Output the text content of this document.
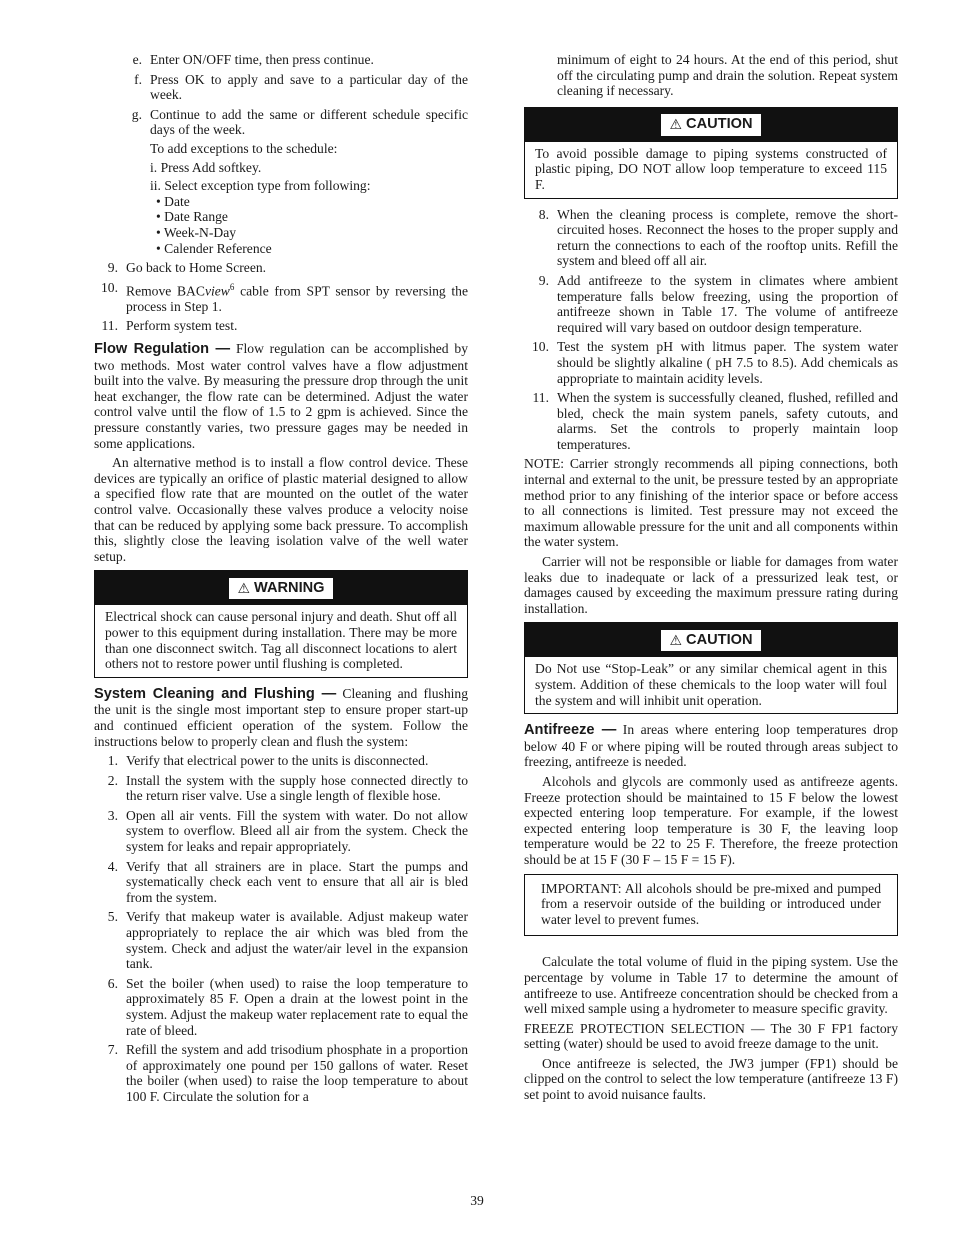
e. Enter ON/OFF time, then press continue.
f. Press OK to apply and save to a particular day of the week.
g. Continue to add the same or different schedule specific days of the week.
To add exceptions to the schedule:
i. Press Add softkey.
ii. Select exception type from following:
• Date
• Date Range
• Week-N-Day
• Calender Reference
9. Go back to Home Screen.
10. Remove BACview$^6$ cable from SPT sensor by reversing the process in Step 1.
11. Perform system test.

Flow Regulation — Flow regulation can be accomplished by two methods. Most water control valves have a flow adjustment built into the valve. By measuring the pressure drop through the unit heat exchanger, the flow rate can be determined. Adjust the water control valve until the flow of 1.5 to 2 gpm is achieved. Since the pressure constantly varies, two pressure gages may be needed in some applications.

An alternative method is to install a flow control device. These devices are typically an orifice of plastic material designed to allow a specified flow rate that are mounted on the outlet of the water control valve. Occasionally these valves produce a velocity noise that can be reduced by applying some back pressure. To accomplish this, slightly close the leaving isolation valve of the well water setup.

⚠ WARNING
Electrical shock can cause personal injury and death. Shut off all power to this equipment during installation. There may be more than one disconnect switch. Tag all disconnect locations to alert others not to restore power until flushing is completed.

System Cleaning and Flushing — Cleaning and flushing the unit is the single most important step to ensure proper start-up and continued efficient operation of the system. Follow the instructions below to properly clean and flush the system:

1. Verify that electrical power to the units is disconnected.
2. Install the system with the supply hose connected directly to the return riser valve. Use a single length of flexible hose.
3. Open all air vents. Fill the system with water. Do not allow system to overflow. Bleed all air from the system. Check the system for leaks and repair appropriately.
4. Verify that all strainers are in place. Start the pumps and systematically check each vent to ensure that all air is bled from the system.
5. Verify that makeup water is available. Adjust makeup water appropriately to replace the air which was bled from the system. Check and adjust the water/air level in the expansion tank.
6. Set the boiler (when used) to raise the loop temperature to approximately 85 F. Open a drain at the lowest point in the system. Adjust the makeup water replacement rate to equal the rate of bleed.
7. Refill the system and add trisodium phosphate in a proportion of approximately one pound per 150 gallons of water. Reset the boiler (when used) to raise the loop temperature to about 100 F. Circulate the solution for a

minimum of eight to 24 hours. At the end of this period, shut off the circulating pump and drain the solution. Repeat system cleaning if necessary.

⚠ CAUTION
To avoid possible damage to piping systems constructed of plastic piping, DO NOT allow loop temperature to exceed 115 F.
8. When the cleaning process is complete, remove the short-circuited hoses. Reconnect the hoses to the proper supply and return the connections to each of the rooftop units. Refill the system and bleed off all air.
9. Add antifreeze to the system in climates where ambient temperature falls below freezing, using the proportion of antifreeze shown in Table 17. The volume of antifreeze required will vary based on outdoor design temperature.
10. Test the system pH with litmus paper. The system water should be slightly alkaline ( pH 7.5 to 8.5). Add chemicals as appropriate to maintain acidity levels.
11. When the system is successfully cleaned, flushed, refilled and bled, check the main system panels, safety cutouts, and alarms. Set the controls to properly maintain loop temperatures.

NOTE: Carrier strongly recommends all piping connections, both internal and external to the unit, be pressure tested by an appropriate method prior to any finishing of the interior space or before access to all connections is limited. Test pressure may not exceed the maximum allowable pressure for the unit and all components within the water system.

Carrier will not be responsible or liable for damages from water leaks due to inadequate or lack of a pressurized leak test, or damages caused by exceeding the maximum pressure rating during installation.

⚠ CAUTION
Do Not use “Stop-Leak” or any similar chemical agent in this system. Addition of these chemicals to the loop water will foul the system and will inhibit unit operation.

Antifreeze — In areas where entering loop temperatures drop below 40 F or where piping will be routed through areas subject to freezing, antifreeze is needed.

Alcohols and glycols are commonly used as antifreeze agents. Freeze protection should be maintained to 15 F below the lowest expected entering loop temperature. For example, if the lowest expected entering loop temperature is 30 F, the leaving loop temperature would be 22 to 25 F. Therefore, the freeze protection should be at 15 F (30 F – 15 F = 15 F).

IMPORTANT: All alcohols should be pre-mixed and pumped from a reservoir outside of the building or introduced under water level to prevent fumes.

Calculate the total volume of fluid in the piping system. Use the percentage by volume in Table 17 to determine the amount of antifreeze to use. Antifreeze concentration should be checked from a well mixed sample using a hydrometer to measure specific gravity.

FREEZE PROTECTION SELECTION — The 30 F FP1 factory setting (water) should be used to avoid freeze damage to the unit.

Once antifreeze is selected, the JW3 jumper (FP1) should be clipped on the control to select the low temperature (antifreeze 13 F) set point to avoid nuisance faults.

39
